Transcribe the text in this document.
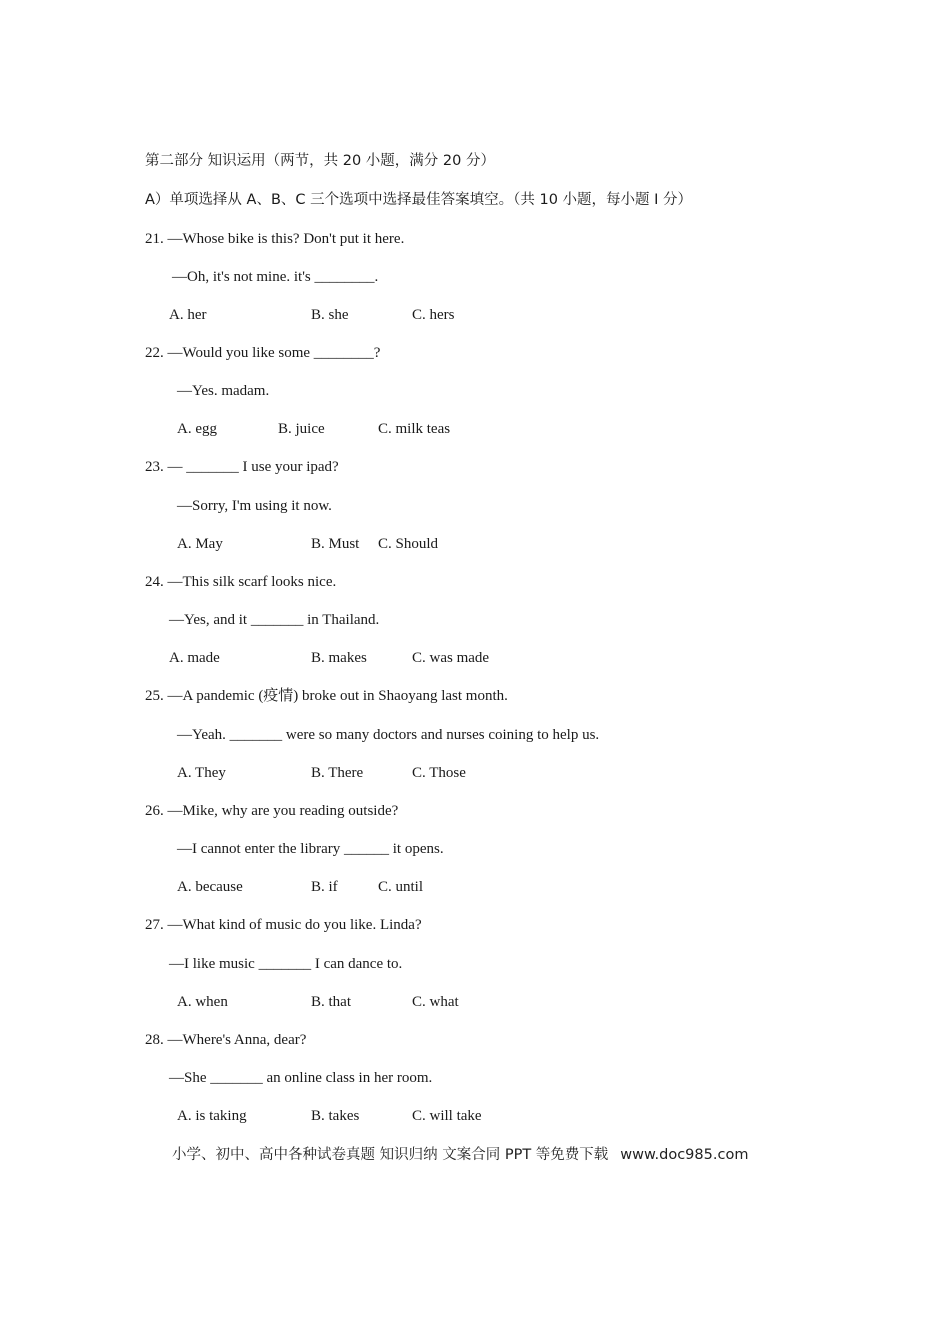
第二部分 知识运用（两节，共 20 小题，满分 20 分）
A）单项选择从 A、B、C 三个选项中选择最佳答案填空。（共 10 小题，每小题 I 分）
21. —Whose bike is this? Don't put it here.
—Oh, it's not mine. it's ________.
A. her	B. she	C. hers
22. —Would you like some ________?
—Yes. madam.
A. egg	B. juice	C. milk teas
23. — _______ I use your ipad?
—Sorry, I'm using it now.
A. May	B. Must C. Should
24. —This silk scarf looks nice.
—Yes, and it _______ in Thailand.
A. made	B. makes	C. was made
25. —A pandemic (疫情) broke out in Shaoyang last month.
—Yeah. _______ were so many doctors and nurses coining to help us.
A. They	B. There	C. Those
26. —Mike, why are you reading outside?
—I cannot enter the library ______ it opens.
A. because	B. if	C. until
27. —What kind of music do you like. Linda?
—I like music _______ I can dance to.
A. when	B. that	C. what
28. —Where's Anna, dear?
—She _______ an online class in her room.
A. is taking	B. takes	C. will take
小学、初中、高中各种试卷真题 知识归纳 文案合同 PPT 等免费下载 www.doc985.com
